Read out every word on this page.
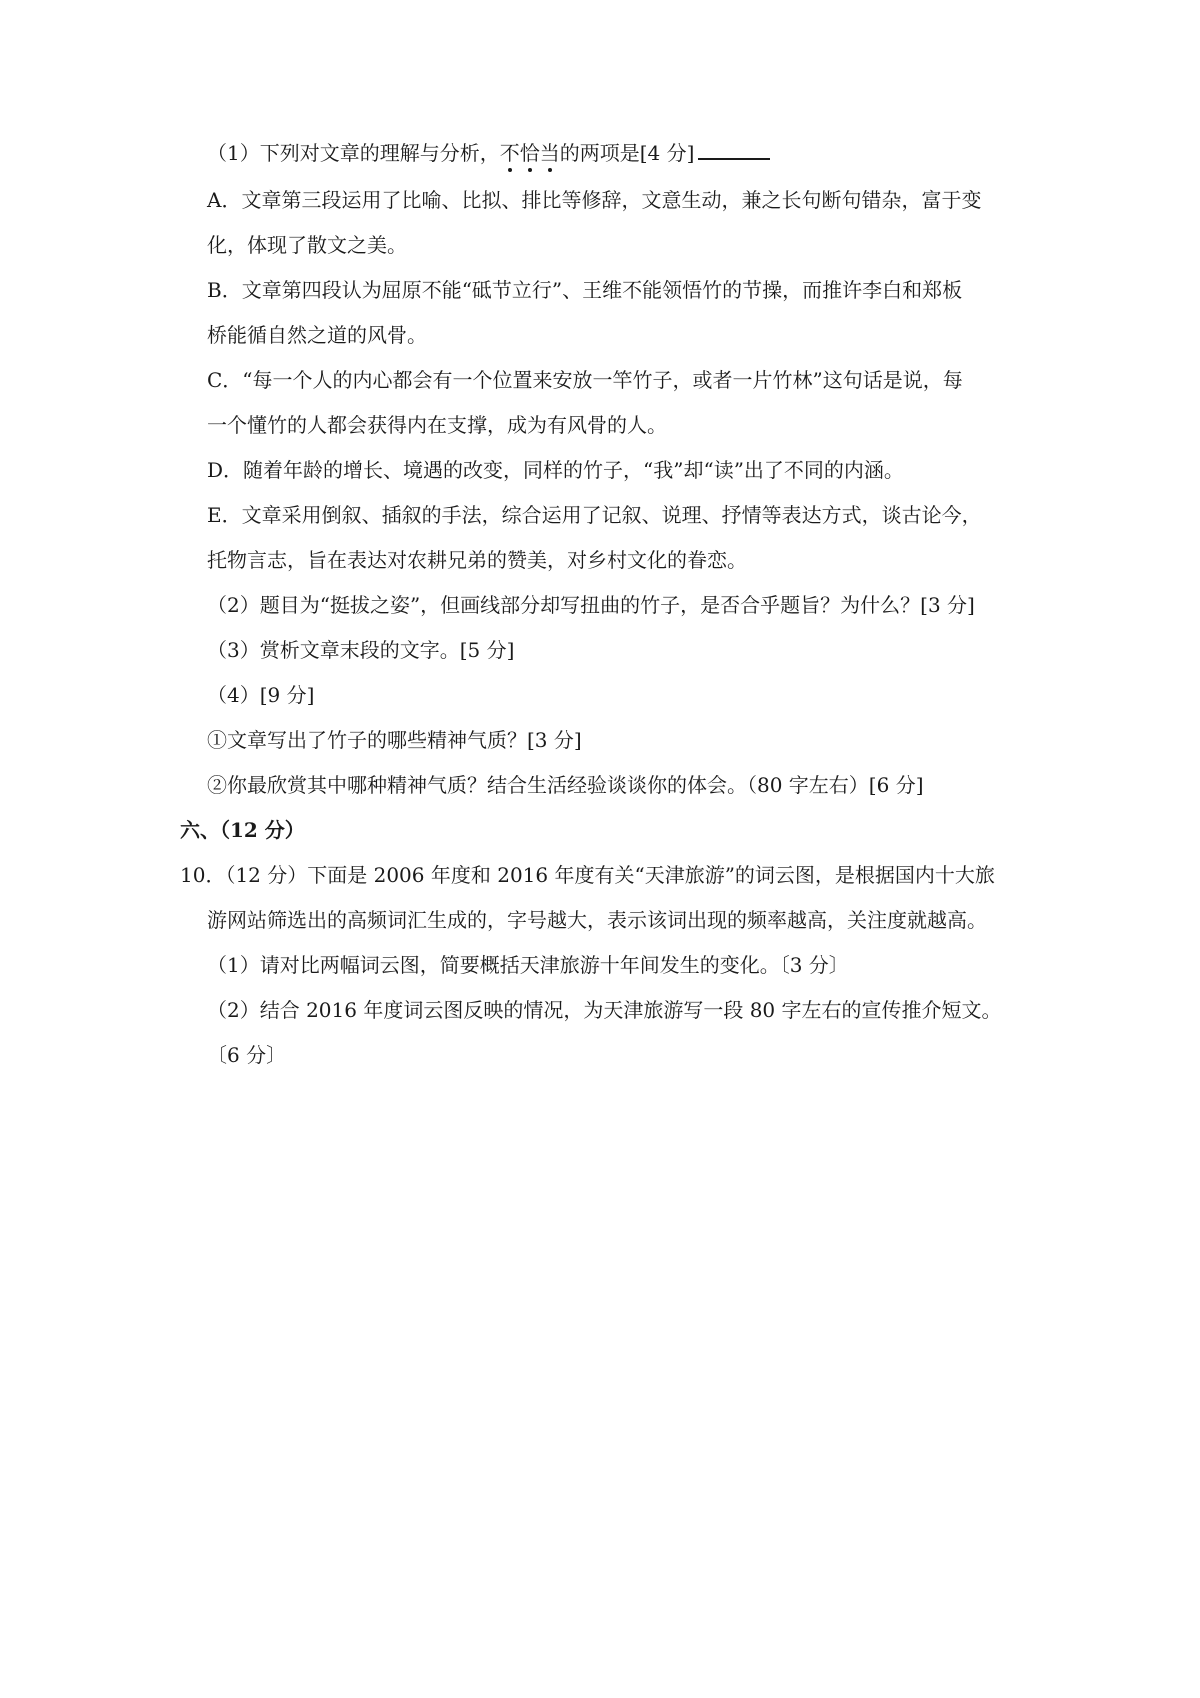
（1）下列对文章的理解与分析，不恰当
的两项是[4 分]
A．文章第三段运用了比喻、比拟、排比等修辞，文意生动，兼之长句断句错杂，富于变
化，体现了散文之美。
B．文章第四段认为屈原不能“砥节立行”、王维不能领悟竹的节操，而推许李白和郑板
桥能循自然之道的风骨。
C．“每一个人的内心都会有一个位置来安放一竿竹子，或者一片竹林”这句话是说，每
一个懂竹的人都会获得内在支撑，成为有风骨的人。
D．随着年龄的增长、境遇的改变，同样的竹子，“我”却“读”出了不同的内涵。
E．文章采用倒叙、插叙的手法，综合运用了记叙、说理、抒情等表达方式，谈古论今，
托物言志，旨在表达对农耕兄弟的赞美，对乡村文化的眷恋。
（2）题目为“挺拔之姿”，但画线部分却写扭曲的竹子，是否合乎题旨？为什么？[3 分]
（3）赏析文章末段的文字。[5 分]
（4）[9 分]
①文章写出了竹子的哪些精神气质？[3 分]
②你最欣赏其中哪种精神气质？结合生活经验谈谈你的体会。（80 字左右）[6 分]
六、（12 分）
10．（12 分）下面是 2006 年度和 2016 年度有关“天津旅游”的词云图，是根据国内十大旅
游网站筛选出的高频词汇生成的，字号越大，表示该词出现的频率越高，关注度就越高。
（1）请对比两幅词云图，简要概括天津旅游十年间发生的变化。〔3 分〕
（2）结合 2016 年度词云图反映的情况，为天津旅游写一段 80 字左右的宣传推介短文。
〔6 分〕
